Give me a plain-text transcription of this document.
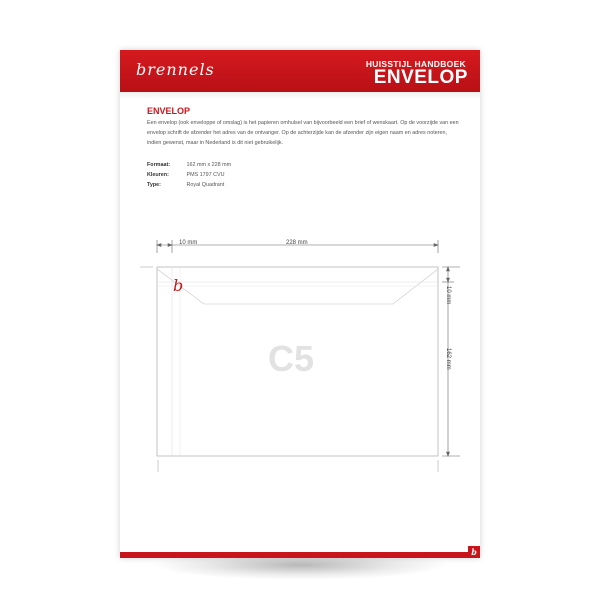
brennels	HUISSTIJL HANDBOEK
ENVELOP
ENVELOP
Een envelop (ook enveloppe of omslag) is het papieren omhulsel van bijvoorbeeld een brief of wenskaart. Op de voorzijde van een envelop schrift de afzender het adres van de ontvanger. Op de achterzijde kan de afzender zijn eigen naam en adres noteren, indien gewenst, maar in Nederland is dit niet gebruikelijk.
Formaat:	162 mm x 228 mm
Kleuren:	PMS 1797 CVU
Type:	Royal Quadrant
10 mm	228 mm
10 mm
162 mm
b
C5
b
